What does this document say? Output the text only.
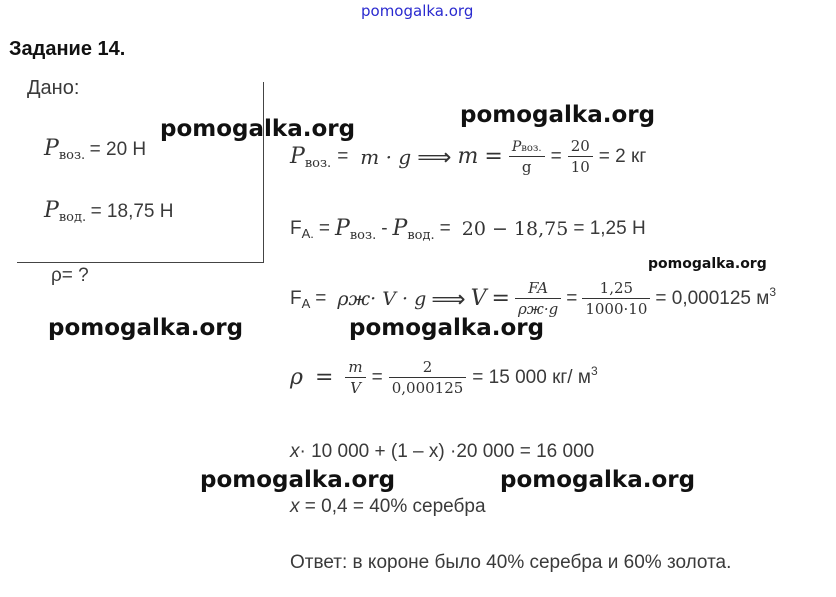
pomogalka.org
Задание 14.
Дано:
$P_{воз.} = 20$ Н
$P_{вод.} = 18,75$ Н
ρ= ?
$P_{воз.} = m \cdot g$ ⟹ $m = \frac{\text{Pвоз.}}{g} = \frac{20}{10} = 2$ кг
$F_{A.} = P_{воз.} - P_{вод.} = 20 - 18,75 = 1,25$ Н
$F_A = \rho ж\cdot V \cdot g$ ⟹ $V = \frac{FA}{\rho ж\cdot g} = \frac{1,25}{1000\cdot 10} = 0,000125$ $м^3$
$\rho = \frac{m}{V} = \frac{2}{0,000125} = 15$ 000 кг/ $м^3$
x· 10 000 + (1 – x) ·20 000 = 16 000
x = 0,4 = 40% серебра
Ответ: в короне было 40% серебра и 60% золота.
pomogalka.org
pomogalka.org
pomogalka.org
pomogalka.org	pomogalka.org
pomogalka.org	pomogalka.org
